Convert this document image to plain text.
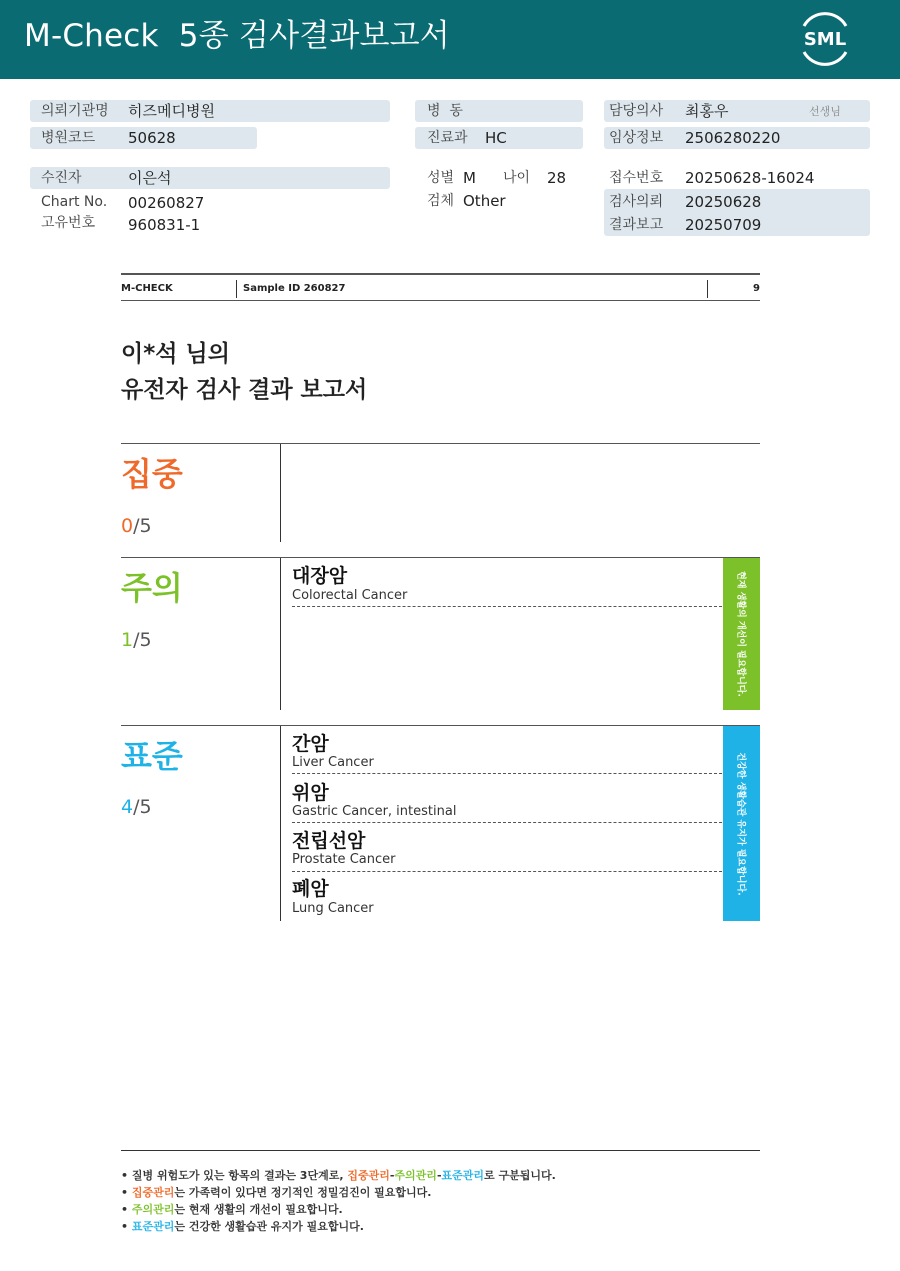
M-Check  5종 검사결과보고서	SML
의뢰기관명 히즈메디병원
병원코드 50628
병  동
진료과 HC
담당의사 최홍우	선생님
임상정보 2506280220
수진자	이은석
Chart No. 00260827
고유번호 960831-1
성별 M 나이 28
검체 Other
접수번호 20250628-16024
검사의뢰 20250628
결과보고 20250709
M-CHECK	Sample ID 260827	9
이*석 님의
유전자 검사 결과 보고서
집중
0/5
주의
1/5
대장암
Colorectal Cancer	현재 생활의 개선이 필요합니다.
표준
4/5
간암
Liver Cancer
위암
Gastric Cancer, intestinal
전립선암
Prostate Cancer
폐암
Lung Cancer
건강한 생활습관 유지가 필요합니다.
• 질병 위험도가 있는 항목의 결과는 3단계로, 집중관리-주의관리-표준관리로 구분됩니다.
• 집중관리는 가족력이 있다면 정기적인 정밀검진이 필요합니다.
• 주의관리는 현재 생활의 개선이 필요합니다.
• 표준관리는 건강한 생활습관 유지가 필요합니다.
